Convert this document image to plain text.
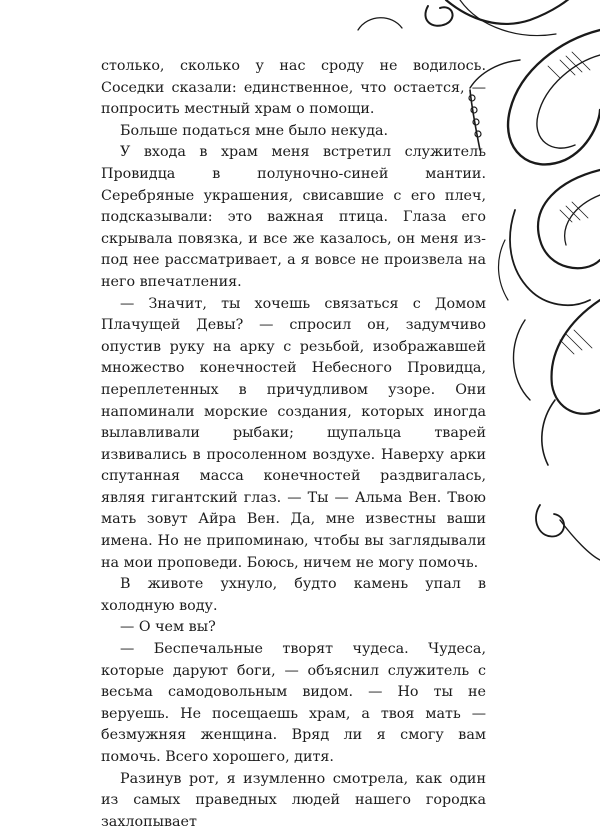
столько, сколько у нас сроду не водилось. Соседки сказали: единственное, что остается, — попросить местный храм о помощи.

Больше податься мне было некуда.

У входа в храм меня встретил служитель Провидца в полуночно-синей мантии. Серебряные украшения, свисавшие с его плеч, подсказывали: это важная птица. Глаза его скрывала повязка, и все же казалось, он меня из-под нее рассматривает, а я вовсе не произвела на него впечатления.

— Значит, ты хочешь связаться с Домом Плачущей Девы? — спросил он, задумчиво опустив руку на арку с резьбой, изображавшей множество конечностей Небесного Провидца, переплетенных в причудливом узоре. Они напоминали морские создания, которых иногда вылавливали рыбаки; щупальца тварей извивались в просоленном воздухе. Наверху арки спутанная масса конечностей раздвигалась, являя гигантский глаз. — Ты — Альма Вен. Твою мать зовут Айра Вен. Да, мне известны ваши имена. Но не припоминаю, чтобы вы заглядывали на мои проповеди. Боюсь, ничем не могу помочь.

В животе ухнуло, будто камень упал в холодную воду.

— О чем вы?

— Беспечальные творят чудеса. Чудеса, которые даруют боги, — объяснил служитель с весьма самодовольным видом. — Но ты не веруешь. Не посещаешь храм, а твоя мать — безмужняя женщина. Вряд ли я смогу вам помочь. Всего хорошего, дитя.

Разинув рот, я изумленно смотрела, как один из самых праведных людей нашего городка захлопывает
